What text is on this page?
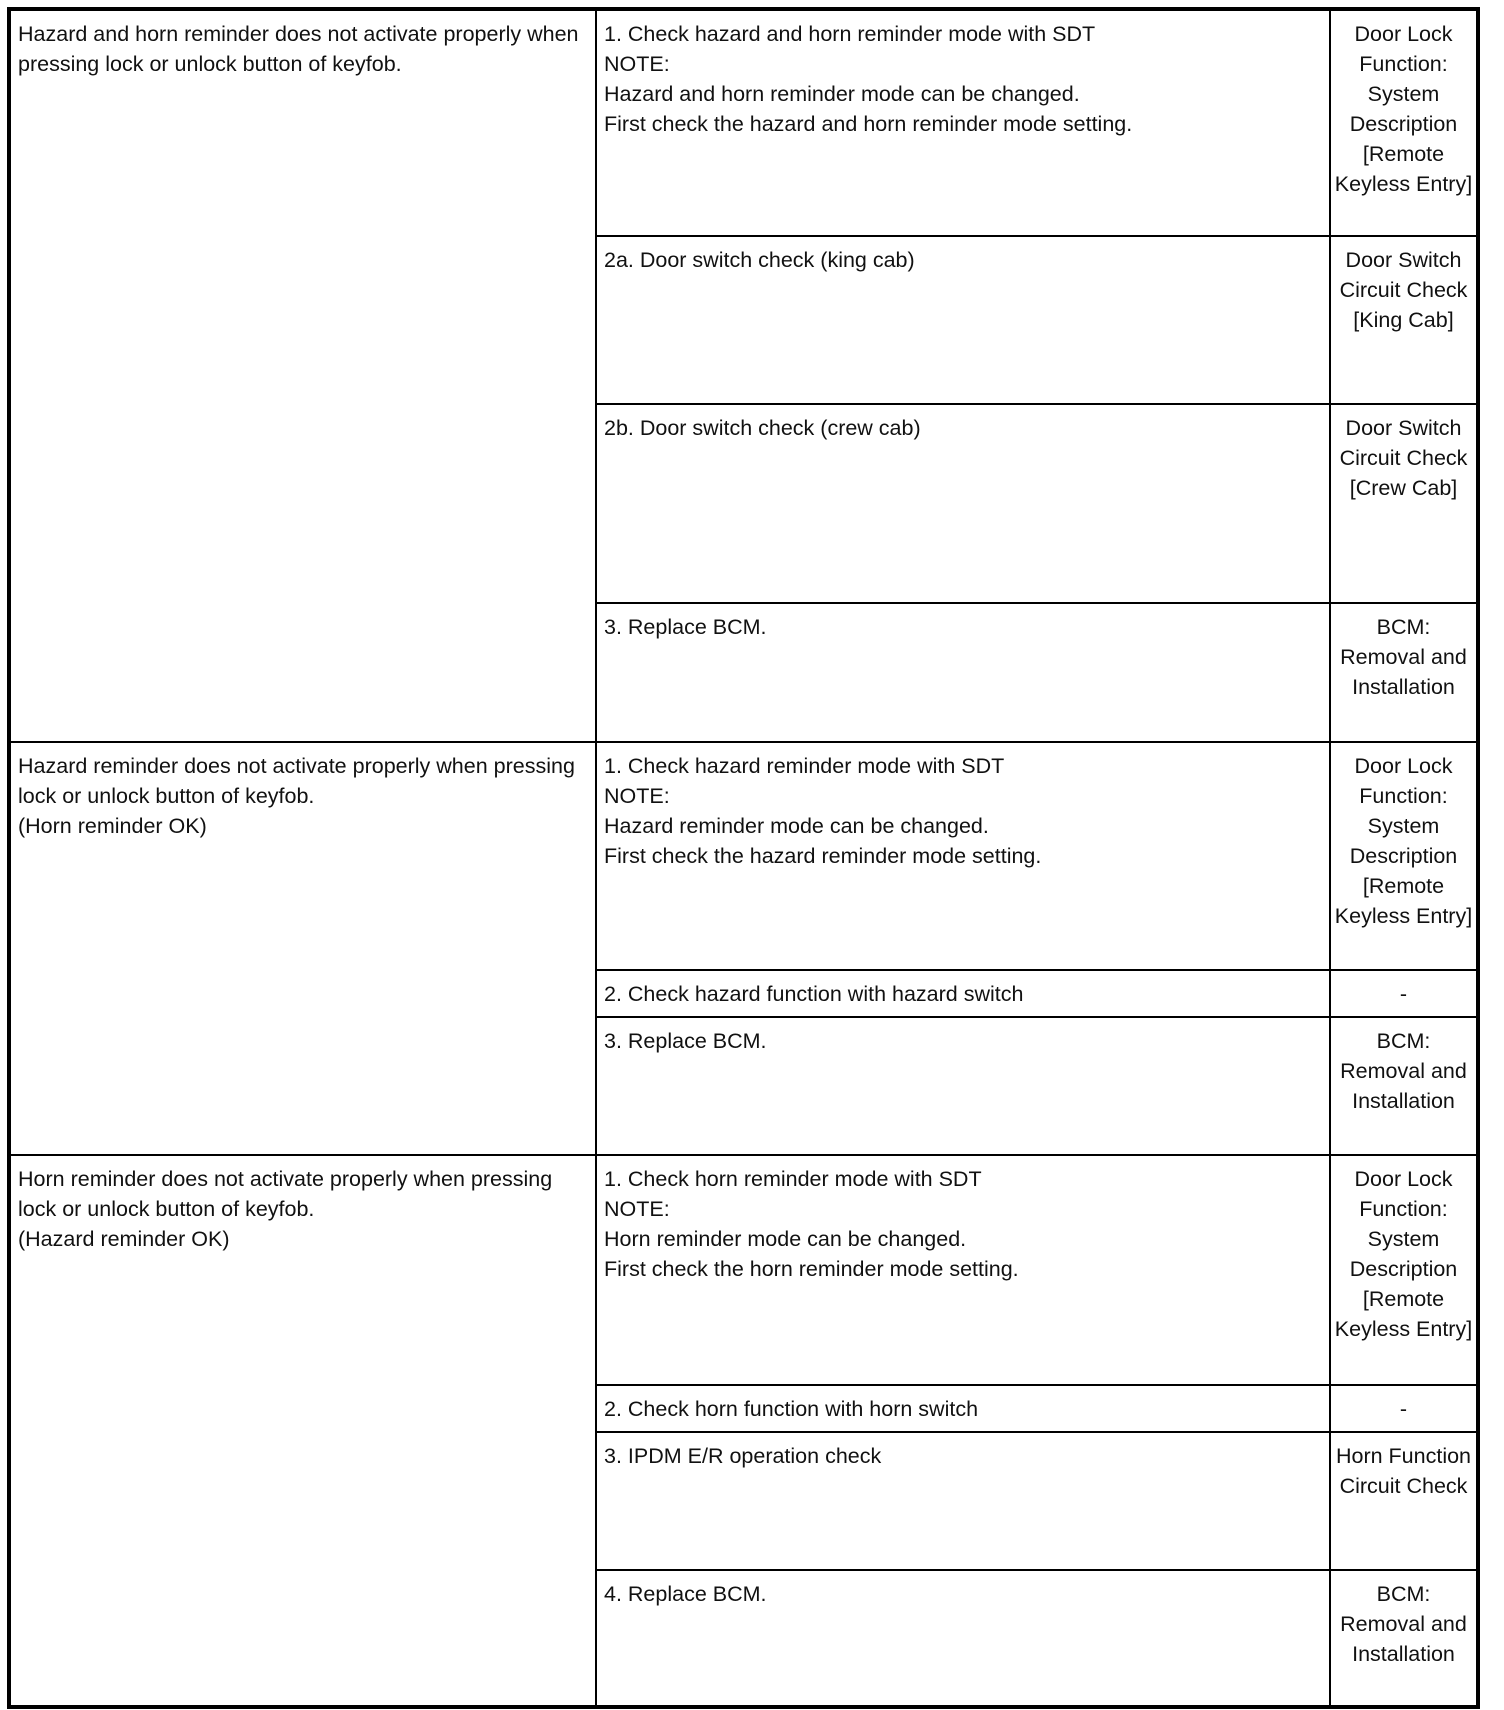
Hazard and horn reminder does not activate properly when pressing lock or unlock button of keyfob.	1. Check hazard and horn reminder mode with SDT
NOTE:
Hazard and horn reminder mode can be changed.
First check the hazard and horn reminder mode setting.	Door Lock Function: System Description [Remote Keyless Entry]

	2a. Door switch check (king cab)	Door Switch Circuit Check [King Cab]

	2b. Door switch check (crew cab)	Door Switch Circuit Check [Crew Cab]

	3. Replace BCM.	BCM: Removal and Installation

Hazard reminder does not activate properly when pressing lock or unlock button of keyfob.
(Horn reminder OK)	1. Check hazard reminder mode with SDT
NOTE:
Hazard reminder mode can be changed.
First check the hazard reminder mode setting.	Door Lock Function: System Description [Remote Keyless Entry]

	2. Check hazard function with hazard switch	-

	3. Replace BCM.	BCM: Removal and Installation

Horn reminder does not activate properly when pressing lock or unlock button of keyfob.
(Hazard reminder OK)	1. Check horn reminder mode with SDT
NOTE:
Horn reminder mode can be changed.
First check the horn reminder mode setting.	Door Lock Function: System Description [Remote Keyless Entry]

	2. Check horn function with horn switch	-

	3. IPDM E/R operation check	Horn Function Circuit Check

	4. Replace BCM.	BCM: Removal and Installation
